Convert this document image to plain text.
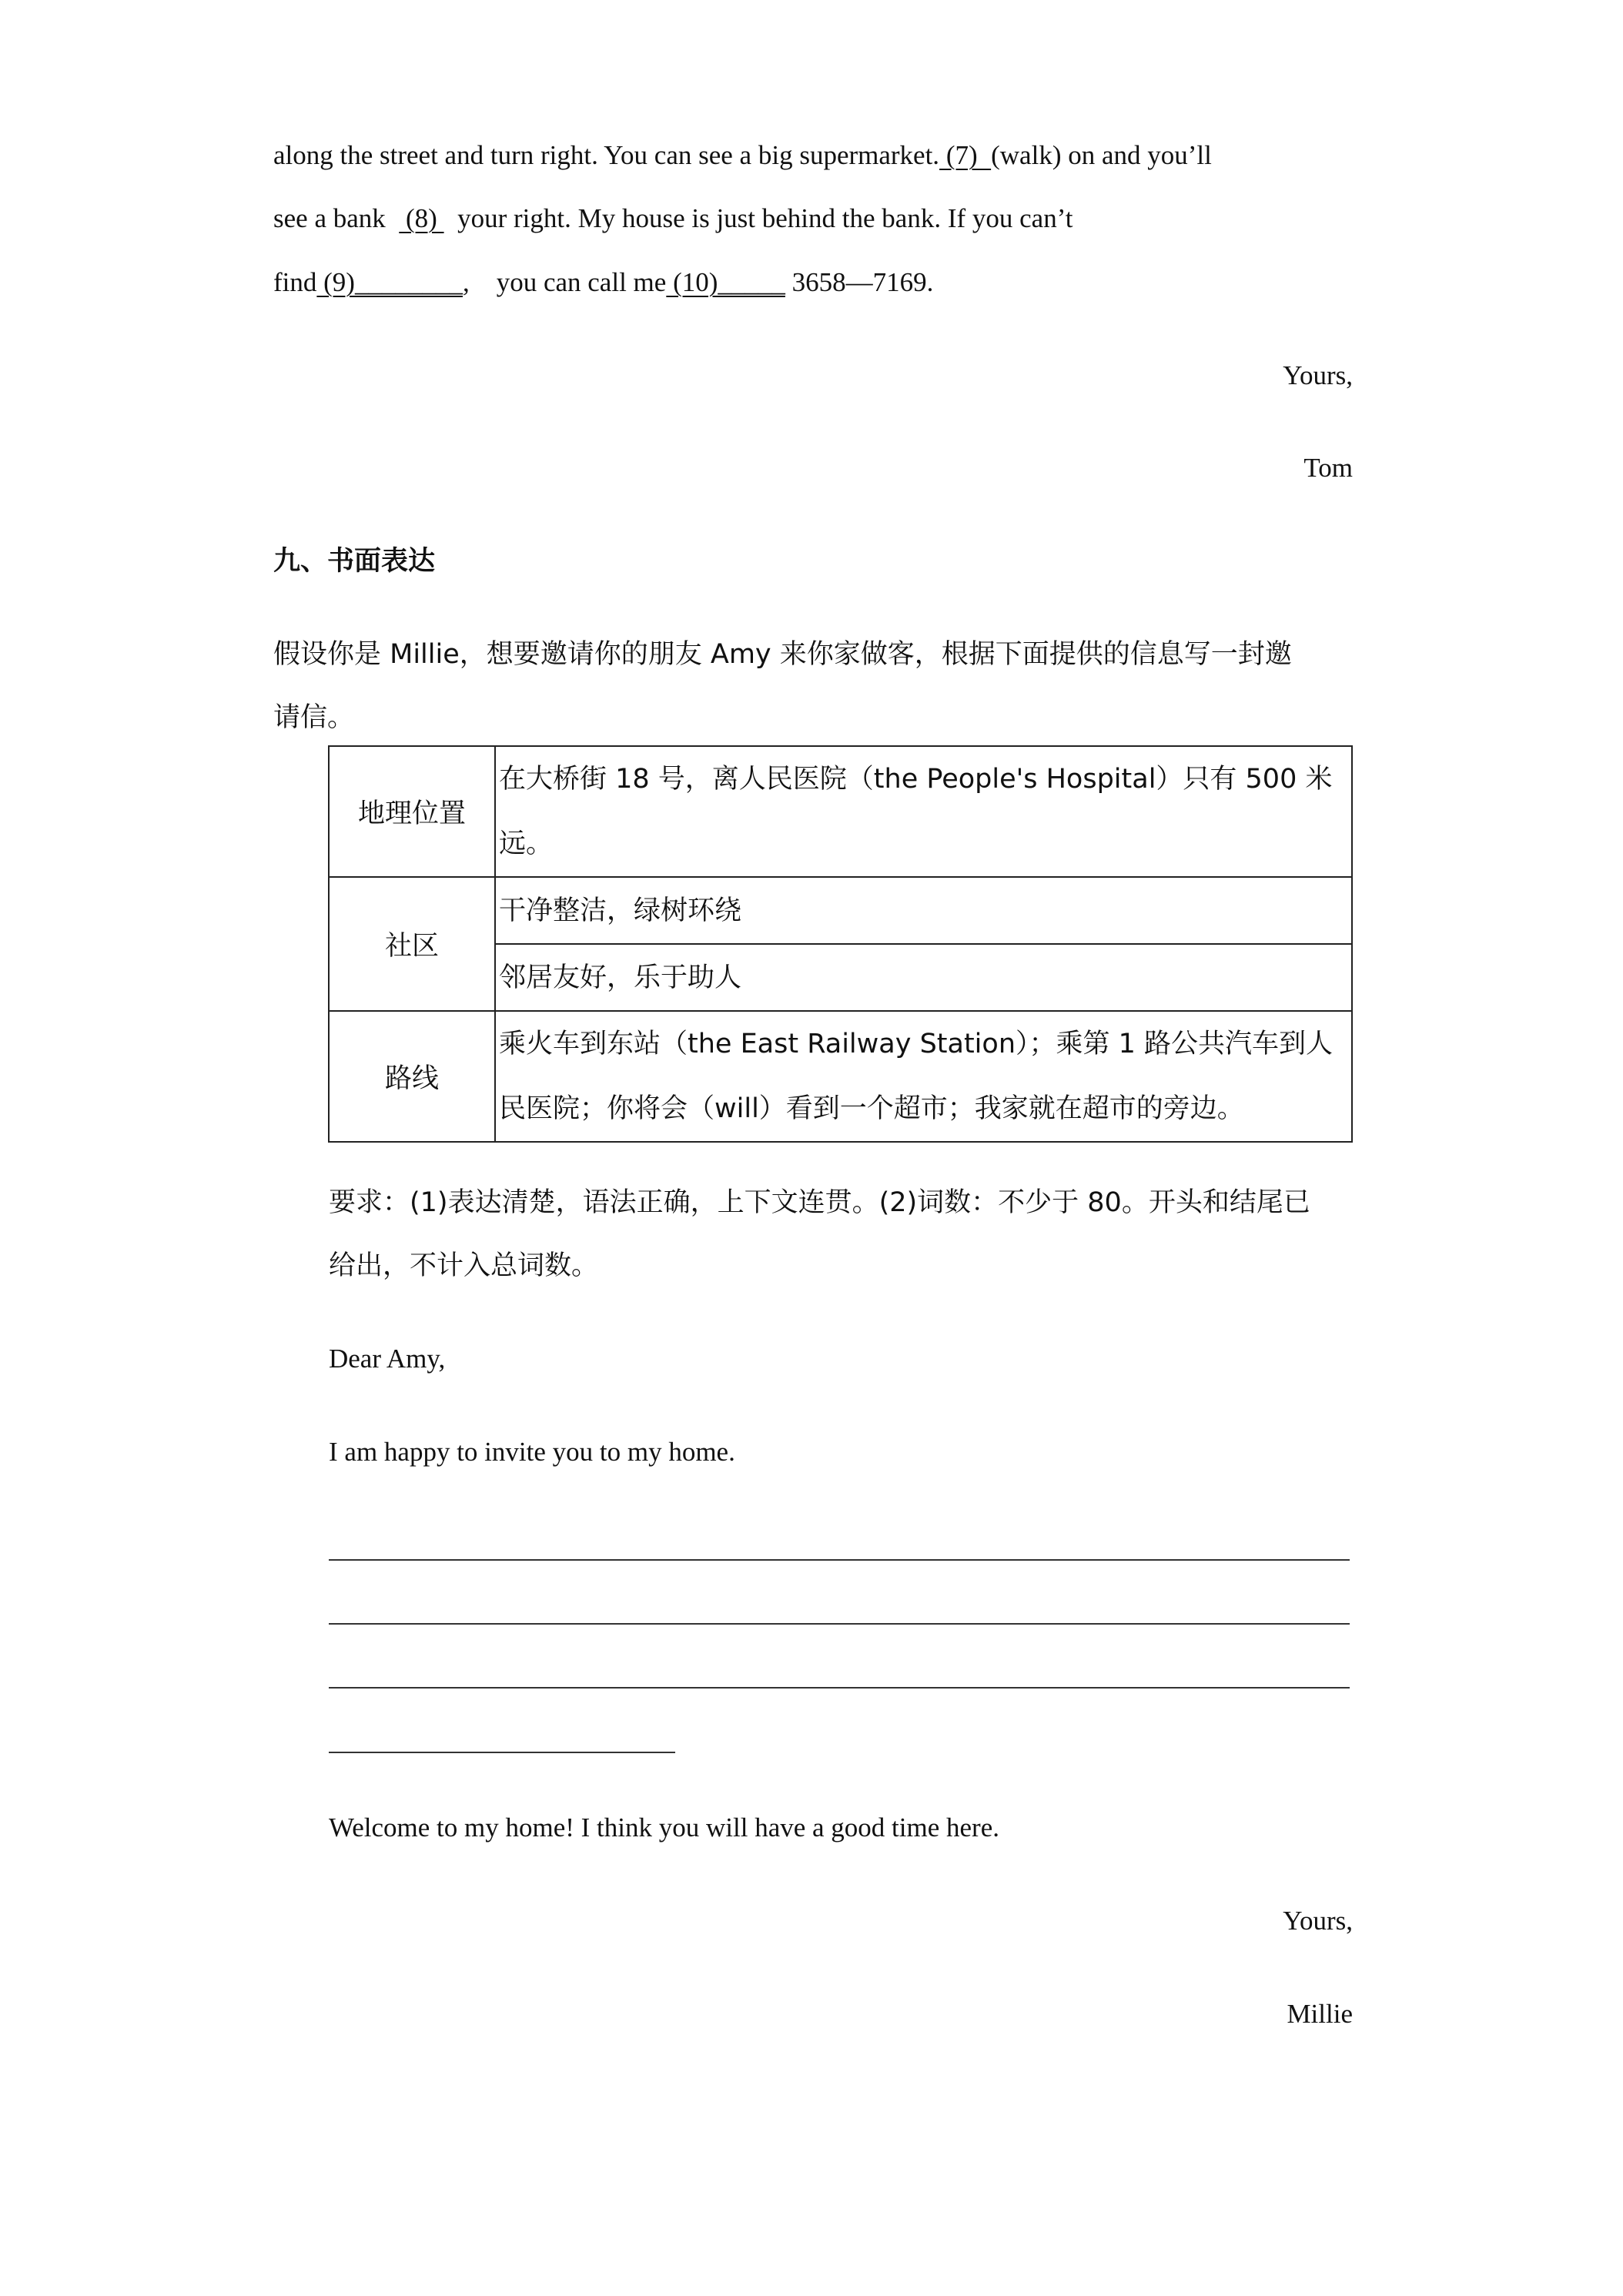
along the street and turn right. You can see a big supermarket. (7)  (walk) on and you’ll
see a bank   (8)   your right. My house is just behind the bank. If you can’t
find (9)________,    you can call me (10)_____ 3658—7169.
Yours,
Tom
九、书面表达
假设你是 Millie，想要邀请你的朋友 Amy 来你家做客，根据下面提供的信息写一封邀
请信。
地理位置	在大桥街 18 号，离人民医院（the People's Hospital）只有 500 米
远。

社区	干净整洁，绿树环绕
	邻居友好，乐于助人
路线	乘火车到东站（the East Railway Station）；乘第 1 路公共汽车到人
民医院；你将会（will）看到一个超市；我家就在超市的旁边。
要求：(1)表达清楚，语法正确，上下文连贯。(2)词数：不少于 80。开头和结尾已
给出，不计入总词数。
Dear Amy,
I am happy to invite you to my home.
Welcome to my home! I think you will have a good time here.
Yours,
Millie
